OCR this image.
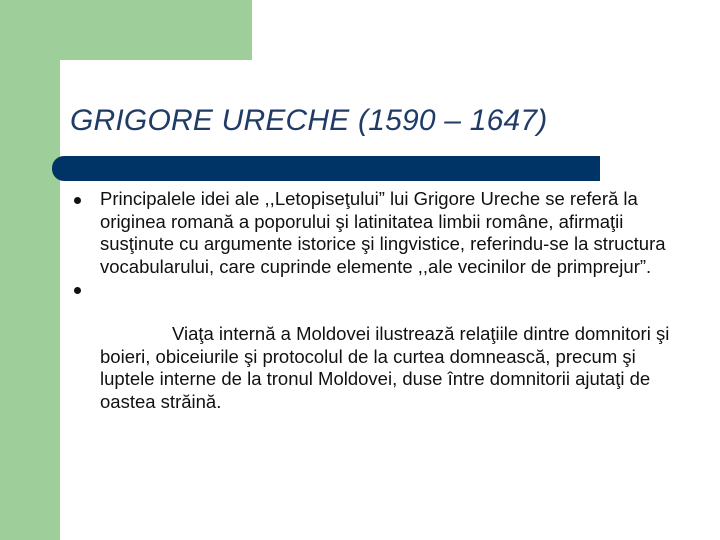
GRIGORE URECHE (1590 – 1647)
Principalele idei ale ,,Letopiseţului” lui Grigore Ureche se referă la originea romană a poporului şi latinitatea limbii române, afirmaţii susţinute cu argumente istorice şi lingvistice, referindu-se la structura vocabularului, care cuprinde elemente ,,ale vecinilor de primprejur”.

Viaţa internă a Moldovei ilustrează relaţiile dintre domnitori şi boieri, obiceiurile şi protocolul de la curtea domnească, precum şi luptele interne de la tronul Moldovei, duse între domnitorii ajutaţi de oastea străină.
